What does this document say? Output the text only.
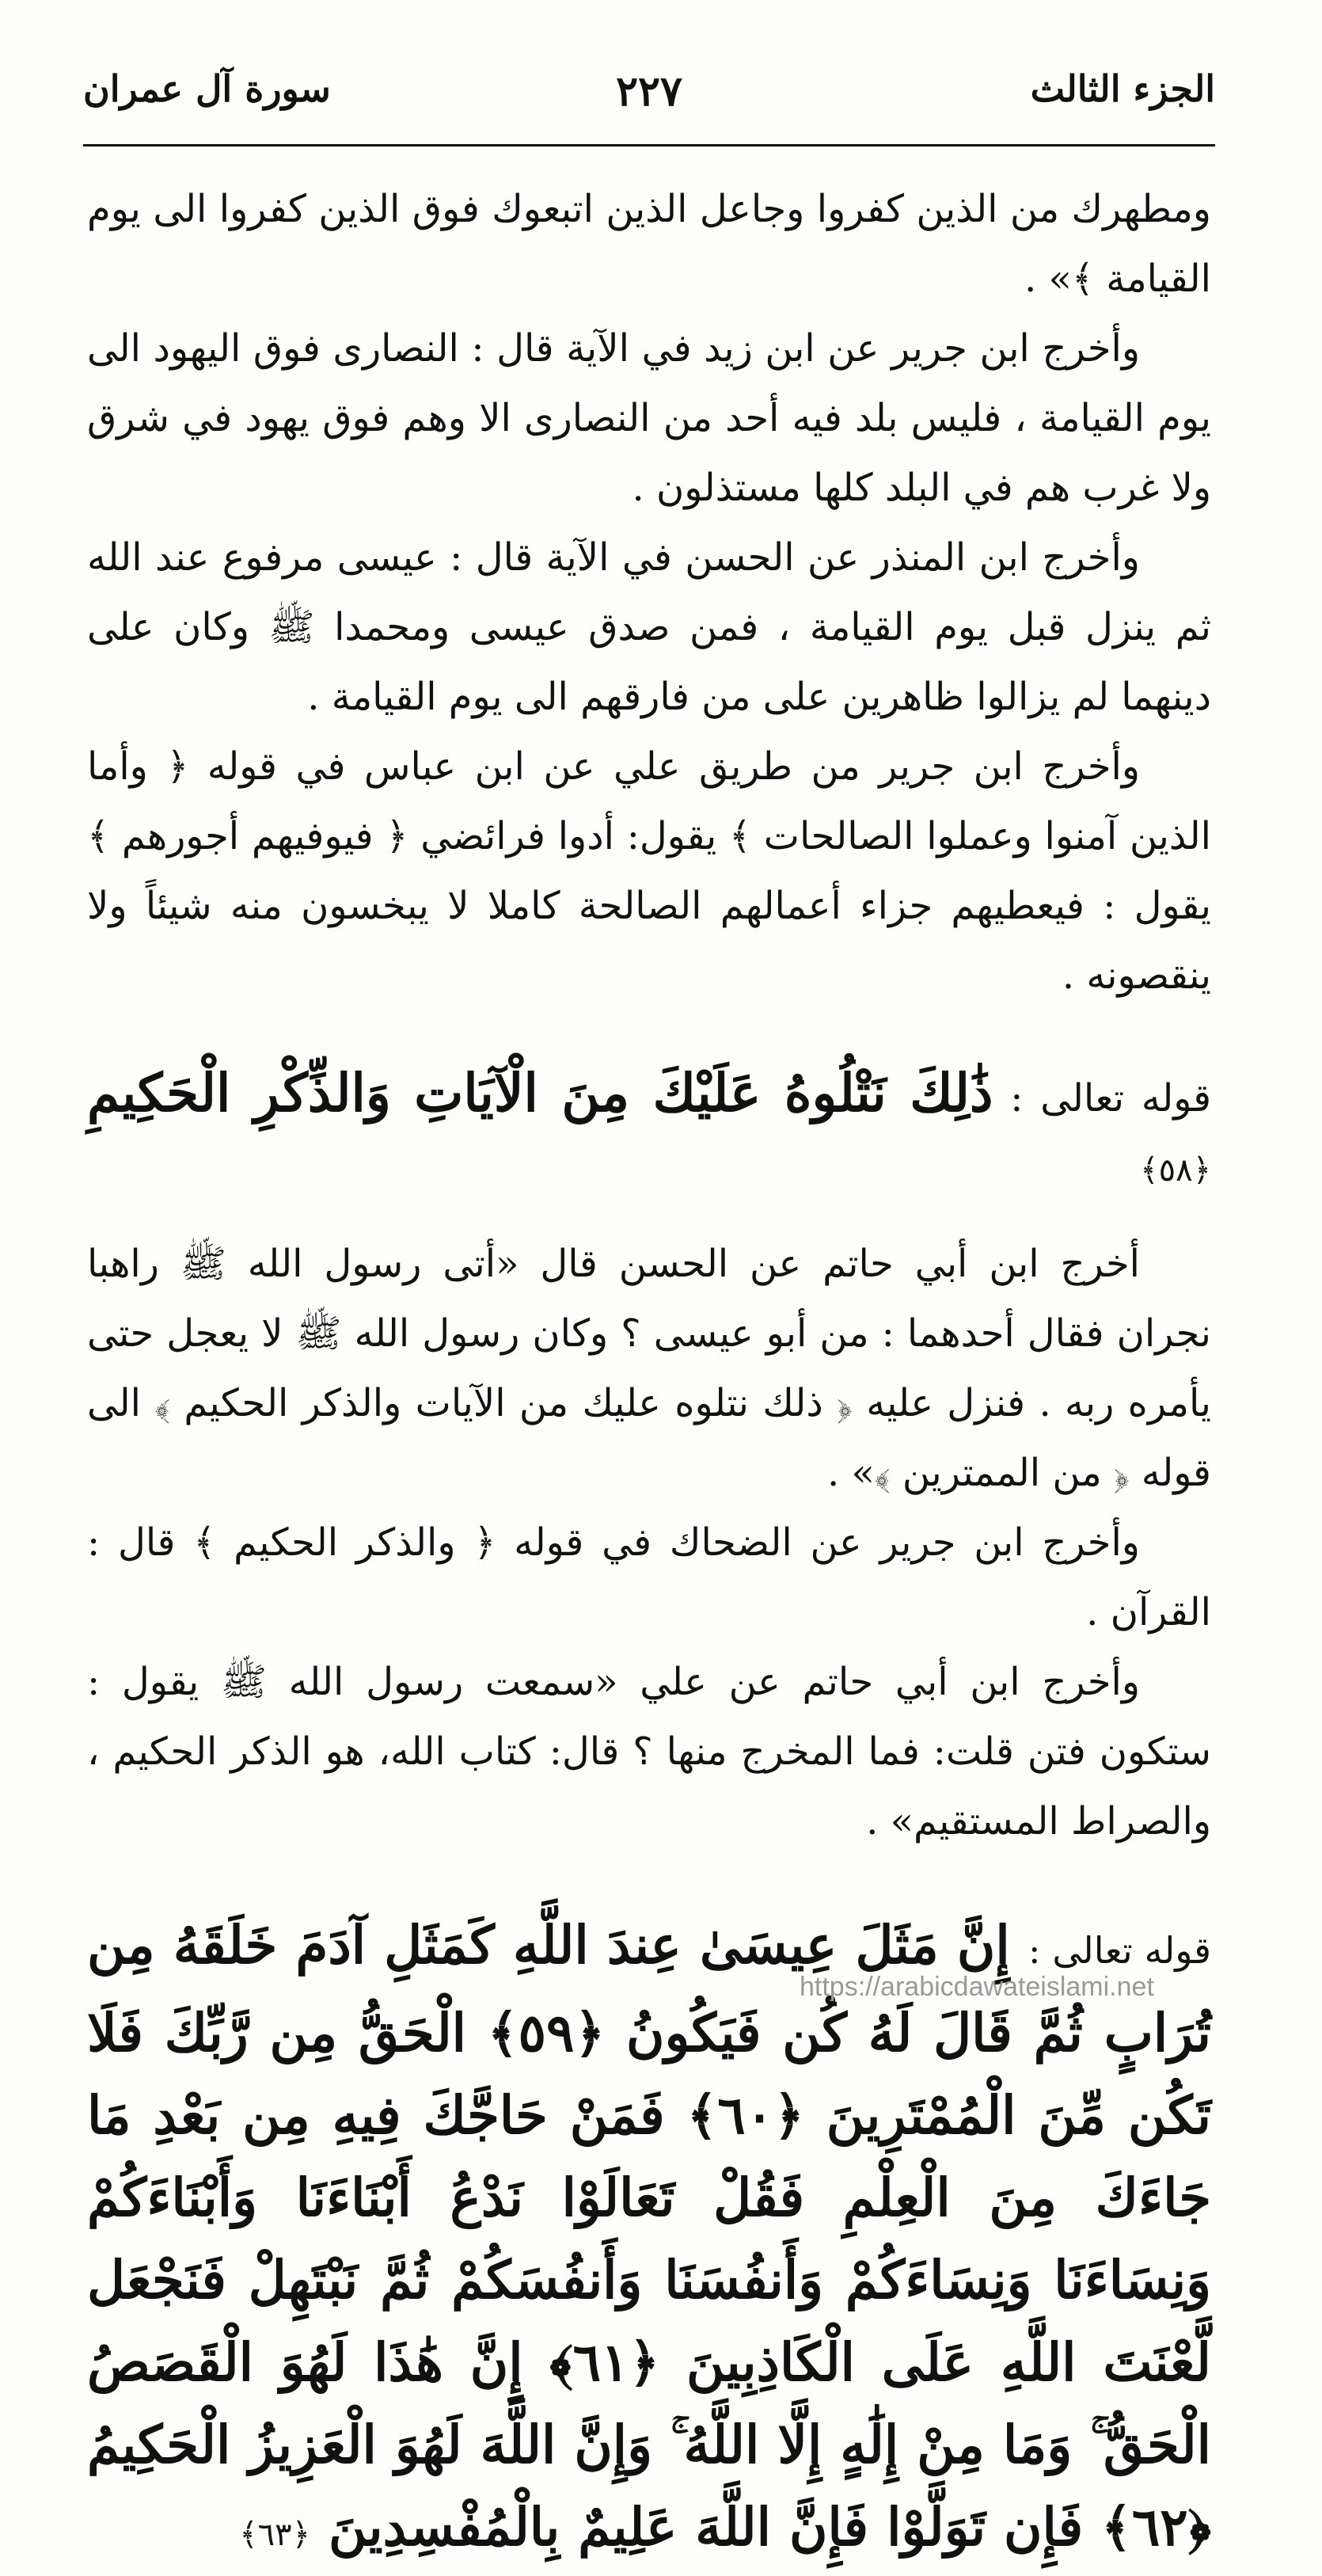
الجزء الثالث
٢٢٧
سورة آل عمران

ومطهرك من الذين كفروا وجاعل الذين اتبعوك فوق الذين كفروا الى يوم القيامة ﴾» .

وأخرج ابن جرير عن ابن زيد في الآية قال : النصارى فوق اليهود الى يوم القيامة ، فليس بلد فيه أحد من النصارى الا وهم فوق يهود في شرق ولا غرب هم في البلد كلها مستذلون .

وأخرج ابن المنذر عن الحسن في الآية قال : عيسى مرفوع عند الله ثم ينزل قبل يوم القيامة ، فمن صدق عيسى ومحمدا ﷺ وكان على دينهما لم يزالوا ظاهرين على من فارقهم الى يوم القيامة .

وأخرج ابن جرير من طريق علي عن ابن عباس في قوله ﴿ وأما الذين آمنوا وعملوا الصالحات ﴾ يقول: أدوا فرائضي ﴿ فيوفيهم أجورهم ﴾ يقول : فيعطيهم جزاء أعمالهم الصالحة كاملا لا يبخسون منه شيئاً ولا ينقصونه .

قوله تعالى : ذَٰلِكَ نَتْلُوهُ عَلَيْكَ مِنَ الْآيَاتِ وَالذِّكْرِ الْحَكِيمِ ﴿٥٨﴾

أخرج ابن أبي حاتم عن الحسن قال «أتى رسول الله ﷺ راهبا نجران فقال أحدهما : من أبو عيسى ؟ وكان رسول الله ﷺ لا يعجل حتى يأمره ربه . فنزل عليه ﴿ ذلك نتلوه عليك من الآيات والذكر الحكيم ﴾ الى قوله ﴿ من الممترين ﴾» .

وأخرج ابن جرير عن الضحاك في قوله ﴿ والذكر الحكيم ﴾ قال : القرآن .

وأخرج ابن أبي حاتم عن علي «سمعت رسول الله ﷺ يقول : ستكون فتن قلت: فما المخرج منها ؟ قال: كتاب الله، هو الذكر الحكيم ، والصراط المستقيم» .

قوله تعالى : إِنَّ مَثَلَ عِيسَىٰ عِندَ اللَّهِ كَمَثَلِ آدَمَ خَلَقَهُ مِن تُرَابٍ ثُمَّ قَالَ لَهُ كُن فَيَكُونُ ﴿٥٩﴾ الْحَقُّ مِن رَّبِّكَ فَلَا تَكُن مِّنَ الْمُمْتَرِينَ ﴿٦٠﴾ فَمَنْ حَاجَّكَ فِيهِ مِن بَعْدِ مَا جَاءَكَ مِنَ الْعِلْمِ فَقُلْ تَعَالَوْا نَدْعُ أَبْنَاءَنَا وَأَبْنَاءَكُمْ وَنِسَاءَنَا وَنِسَاءَكُمْ وَأَنفُسَنَا وَأَنفُسَكُمْ ثُمَّ نَبْتَهِلْ فَنَجْعَل لَّعْنَتَ اللَّهِ عَلَى الْكَاذِبِينَ ﴿٦١﴾ إِنَّ هَٰذَا لَهُوَ الْقَصَصُ الْحَقُّ ۚ وَمَا مِنْ إِلَٰهٍ إِلَّا اللَّهُ ۚ وَإِنَّ اللَّهَ لَهُوَ الْعَزِيزُ الْحَكِيمُ ﴿٦٢﴾ فَإِن تَوَلَّوْا فَإِنَّ اللَّهَ عَلِيمٌ بِالْمُفْسِدِينَ ﴿٦٣﴾

https://arabicdawateislami.net
